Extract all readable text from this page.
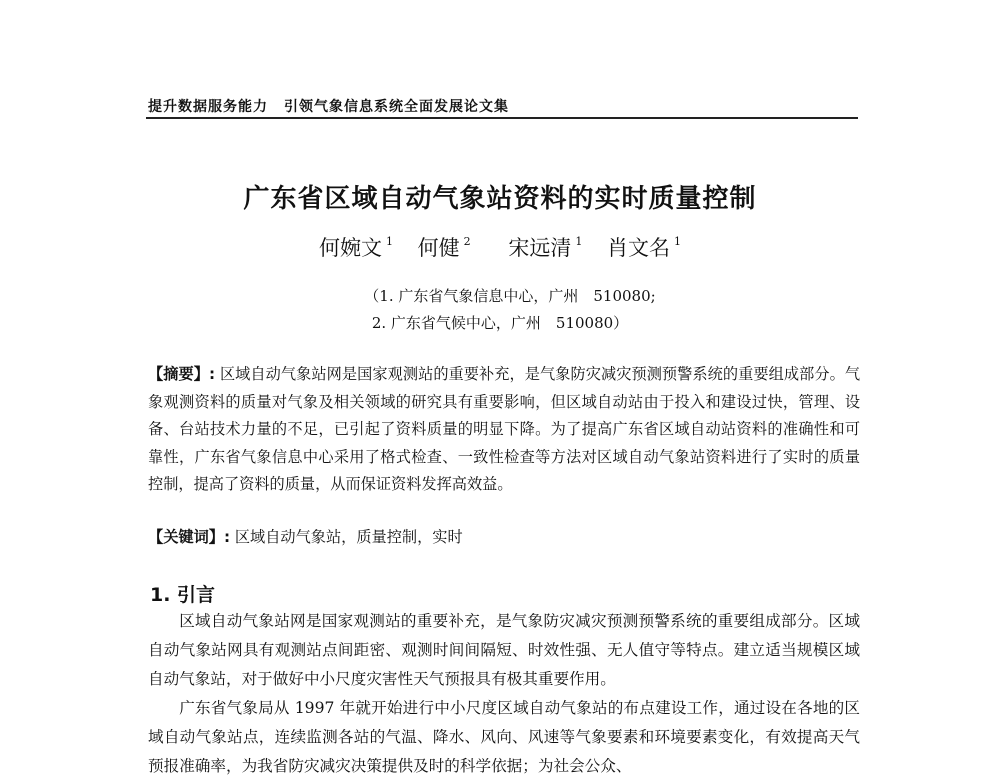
提升数据服务能力 引领气象信息系统全面发展论文集
广东省区域自动气象站资料的实时质量控制
何婉文 $^1$ 何健 $^2$ 宋远清 $^1$ 肖文名 $^1$
（1. 广东省气象信息中心，广州　510080;
2. 广东省气候中心，广州　510080）
【摘要】: 区域自动气象站网是国家观测站的重要补充，是气象防灾减灾预测预警系统的重要组成部分。气象观测资料的质量对气象及相关领域的研究具有重要影响，但区域自动站由于投入和建设过快，管理、设备、台站技术力量的不足，已引起了资料质量的明显下降。为了提高广东省区域自动站资料的准确性和可靠性，广东省气象信息中心采用了格式检查、一致性检查等方法对区域自动气象站资料进行了实时的质量控制，提高了资料的质量，从而保证资料发挥高效益。
【关键词】: 区域自动气象站，质量控制，实时
1. 引言

区域自动气象站网是国家观测站的重要补充，是气象防灾减灾预测预警系统的重要组成部分。区域自动气象站网具有观测站点间距密、观测时间间隔短、时效性强、无人值守等特点。建立适当规模区域自动气象站，对于做好中小尺度灾害性天气预报具有极其重要作用。

广东省气象局从 1997 年就开始进行中小尺度区域自动气象站的布点建设工作，通过设在各地的区域自动气象站点，连续监测各站的气温、降水、风向、风速等气象要素和环境要素变化，有效提高天气预报准确率，为我省防灾减灾决策提供及时的科学依据；为社会公众、
